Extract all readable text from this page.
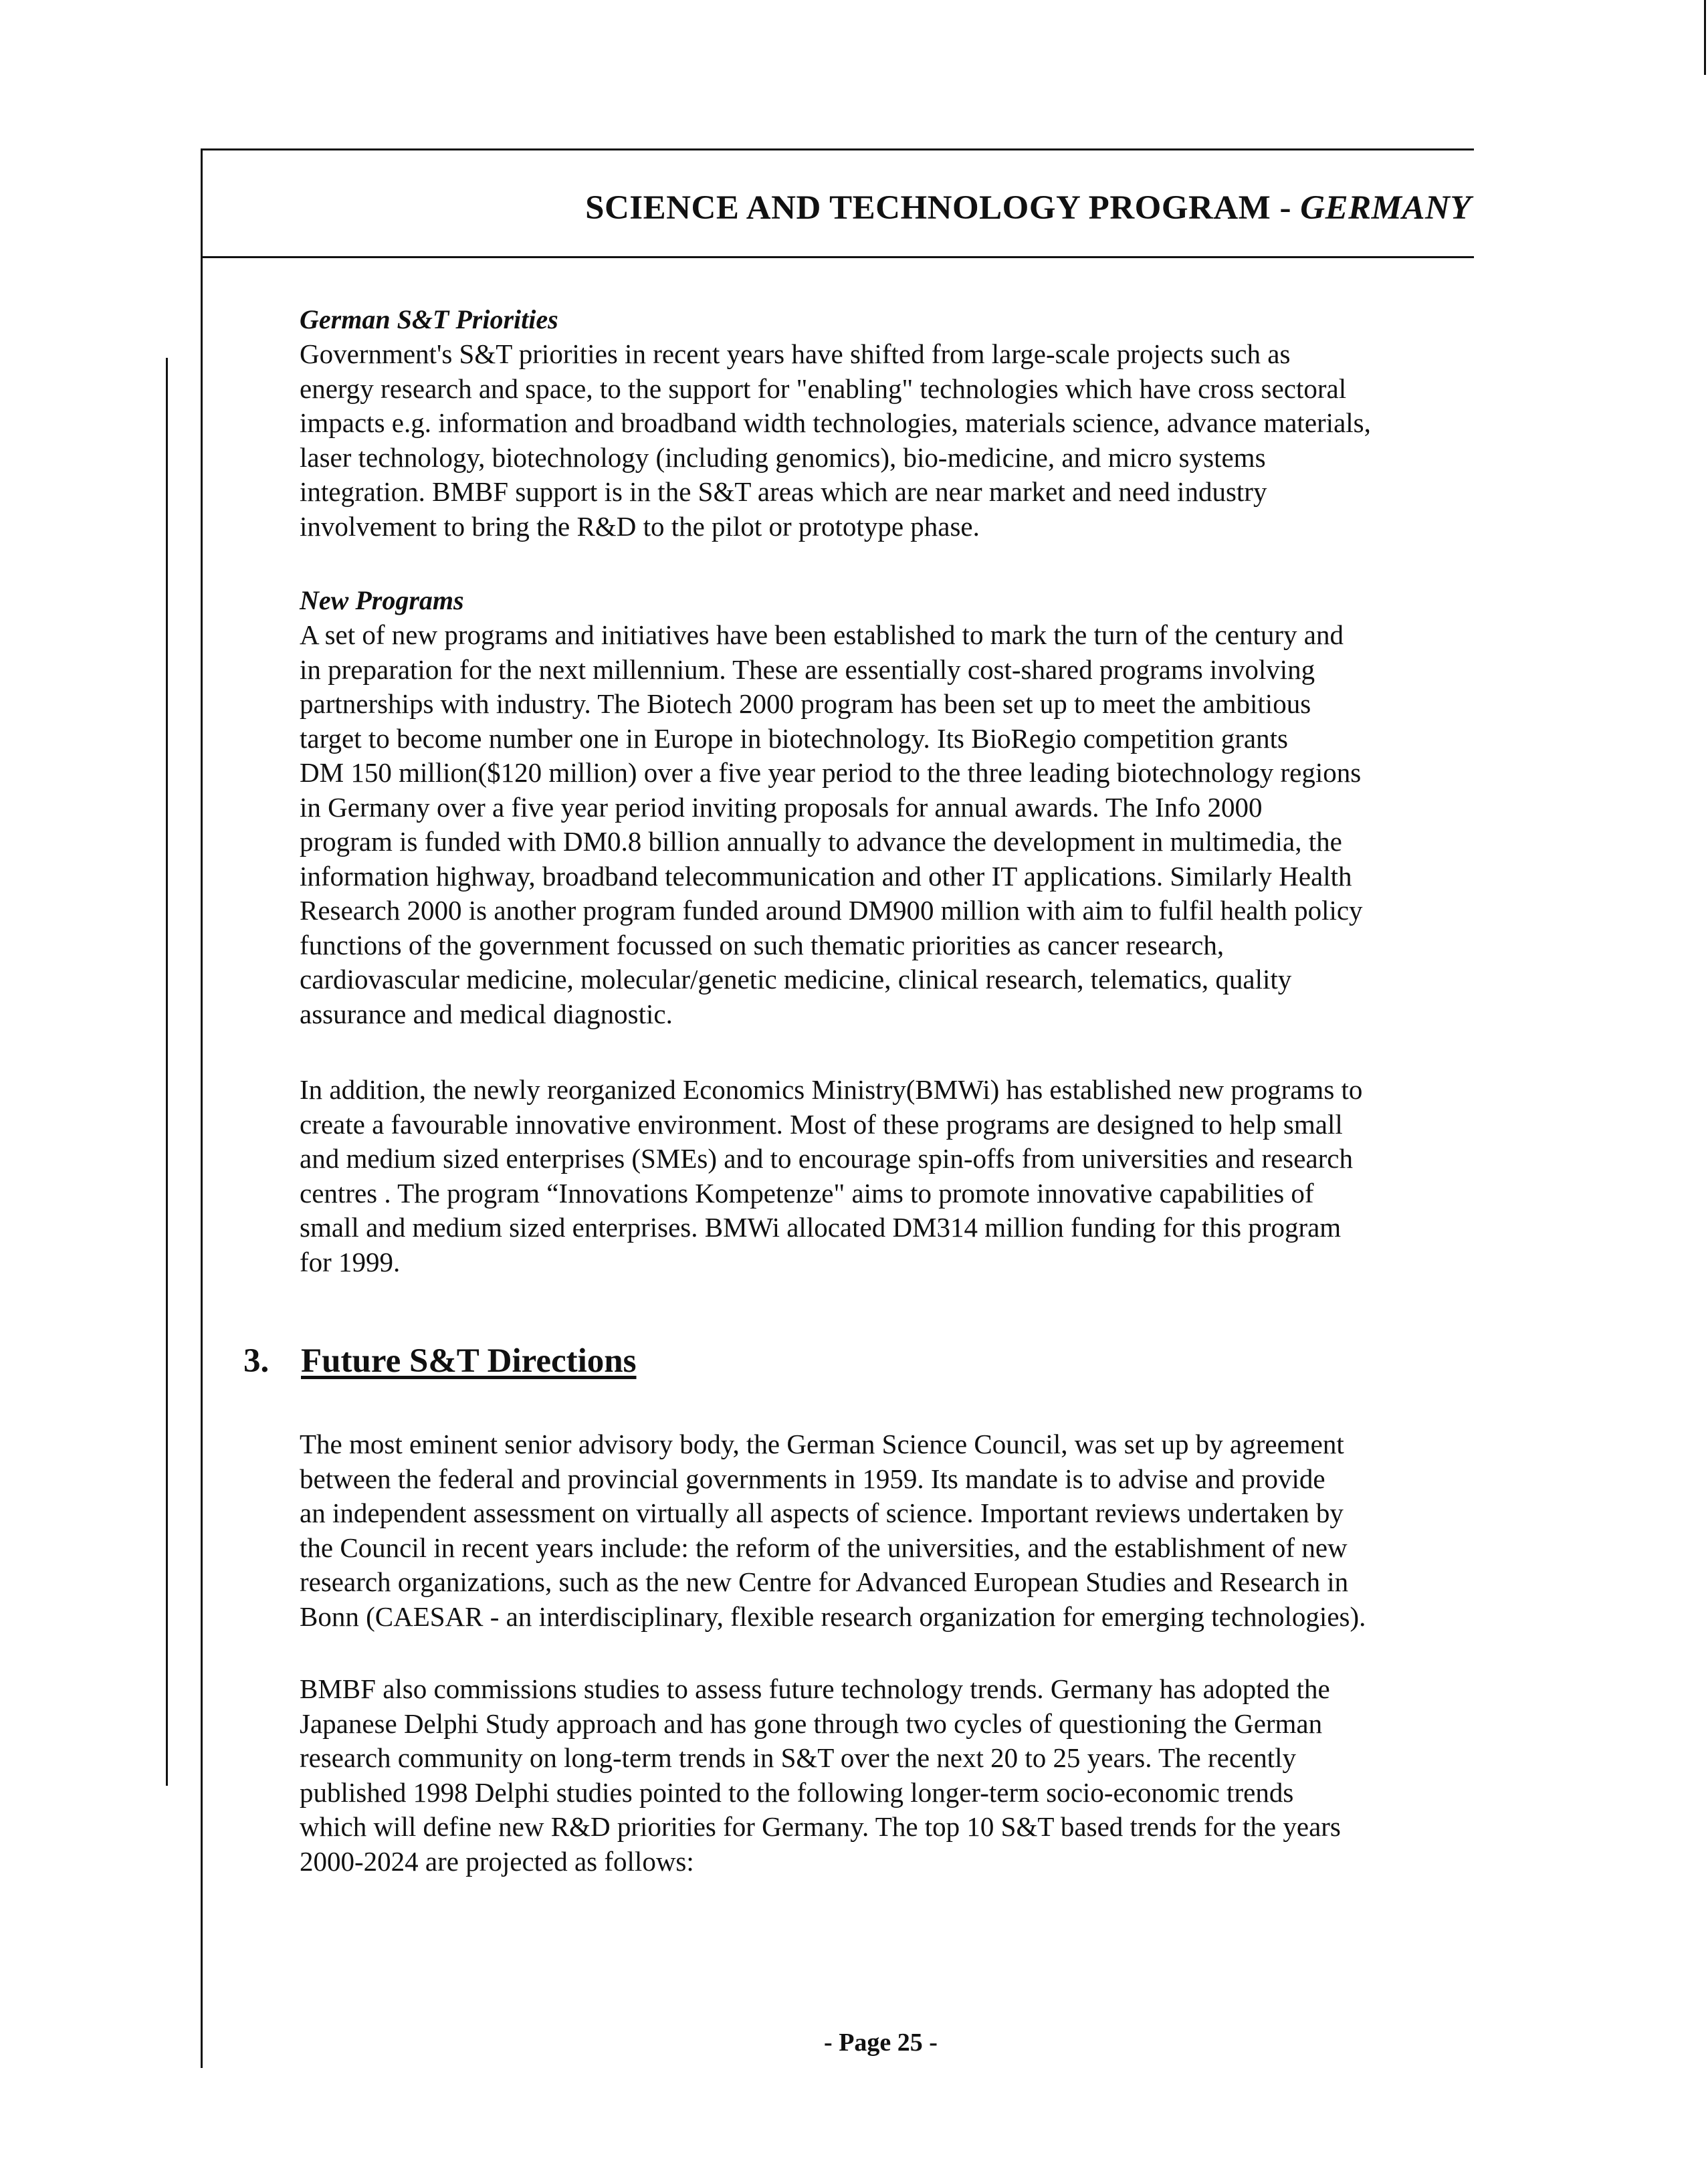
SCIENCE AND TECHNOLOGY PROGRAM - GERMANY

German S&T Priorities

Government's S&T priorities in recent years have shifted from large-scale projects such as
energy research and space, to the support for "enabling" technologies which have cross sectoral
impacts e.g. information and broadband width technologies, materials science, advance materials,
laser technology, biotechnology (including genomics), bio-medicine, and micro systems
integration. BMBF support is in the S&T areas which are near market and need industry
involvement to bring the R&D to the pilot or prototype phase.

New Programs

A set of new programs and initiatives have been established to mark the turn of the century and
in preparation for the next millennium. These are essentially cost-shared programs involving
partnerships with industry. The Biotech 2000 program has been set up to meet the ambitious
target to become number one in Europe in biotechnology. Its BioRegio competition grants
DM 150 million($120 million) over a five year period to the three leading biotechnology regions
in Germany over a five year period inviting proposals for annual awards. The Info 2000
program is funded with DM0.8 billion annually to advance the development in multimedia, the
information highway, broadband telecommunication and other IT applications. Similarly Health
Research 2000 is another program funded around DM900 million with aim to fulfil health policy
functions of the government focussed on such thematic priorities as cancer research,
cardiovascular medicine, molecular/genetic medicine, clinical research, telematics, quality
assurance and medical diagnostic.
In addition, the newly reorganized Economics Ministry(BMWi) has established new programs to
create a favourable innovative environment. Most of these programs are designed to help small
and medium sized enterprises (SMEs) and to encourage spin-offs from universities and research
centres . The program “Innovations Kompetenze" aims to promote innovative capabilities of
small and medium sized enterprises. BMWi allocated DM314 million funding for this program
for 1999.
3. Future S&T Directions
The most eminent senior advisory body, the German Science Council, was set up by agreement
between the federal and provincial governments in 1959. Its mandate is to advise and provide
an independent assessment on virtually all aspects of science. Important reviews undertaken by
the Council in recent years include: the reform of the universities, and the establishment of new
research organizations, such as the new Centre for Advanced European Studies and Research in
Bonn (CAESAR - an interdisciplinary, flexible research organization for emerging technologies).
BMBF also commissions studies to assess future technology trends. Germany has adopted the
Japanese Delphi Study approach and has gone through two cycles of questioning the German
research community on long-term trends in S&T over the next 20 to 25 years. The recently
published 1998 Delphi studies pointed to the following longer-term socio-economic trends
which will define new R&D priorities for Germany. The top 10 S&T based trends for the years
2000-2024 are projected as follows:
- Page 25 -
